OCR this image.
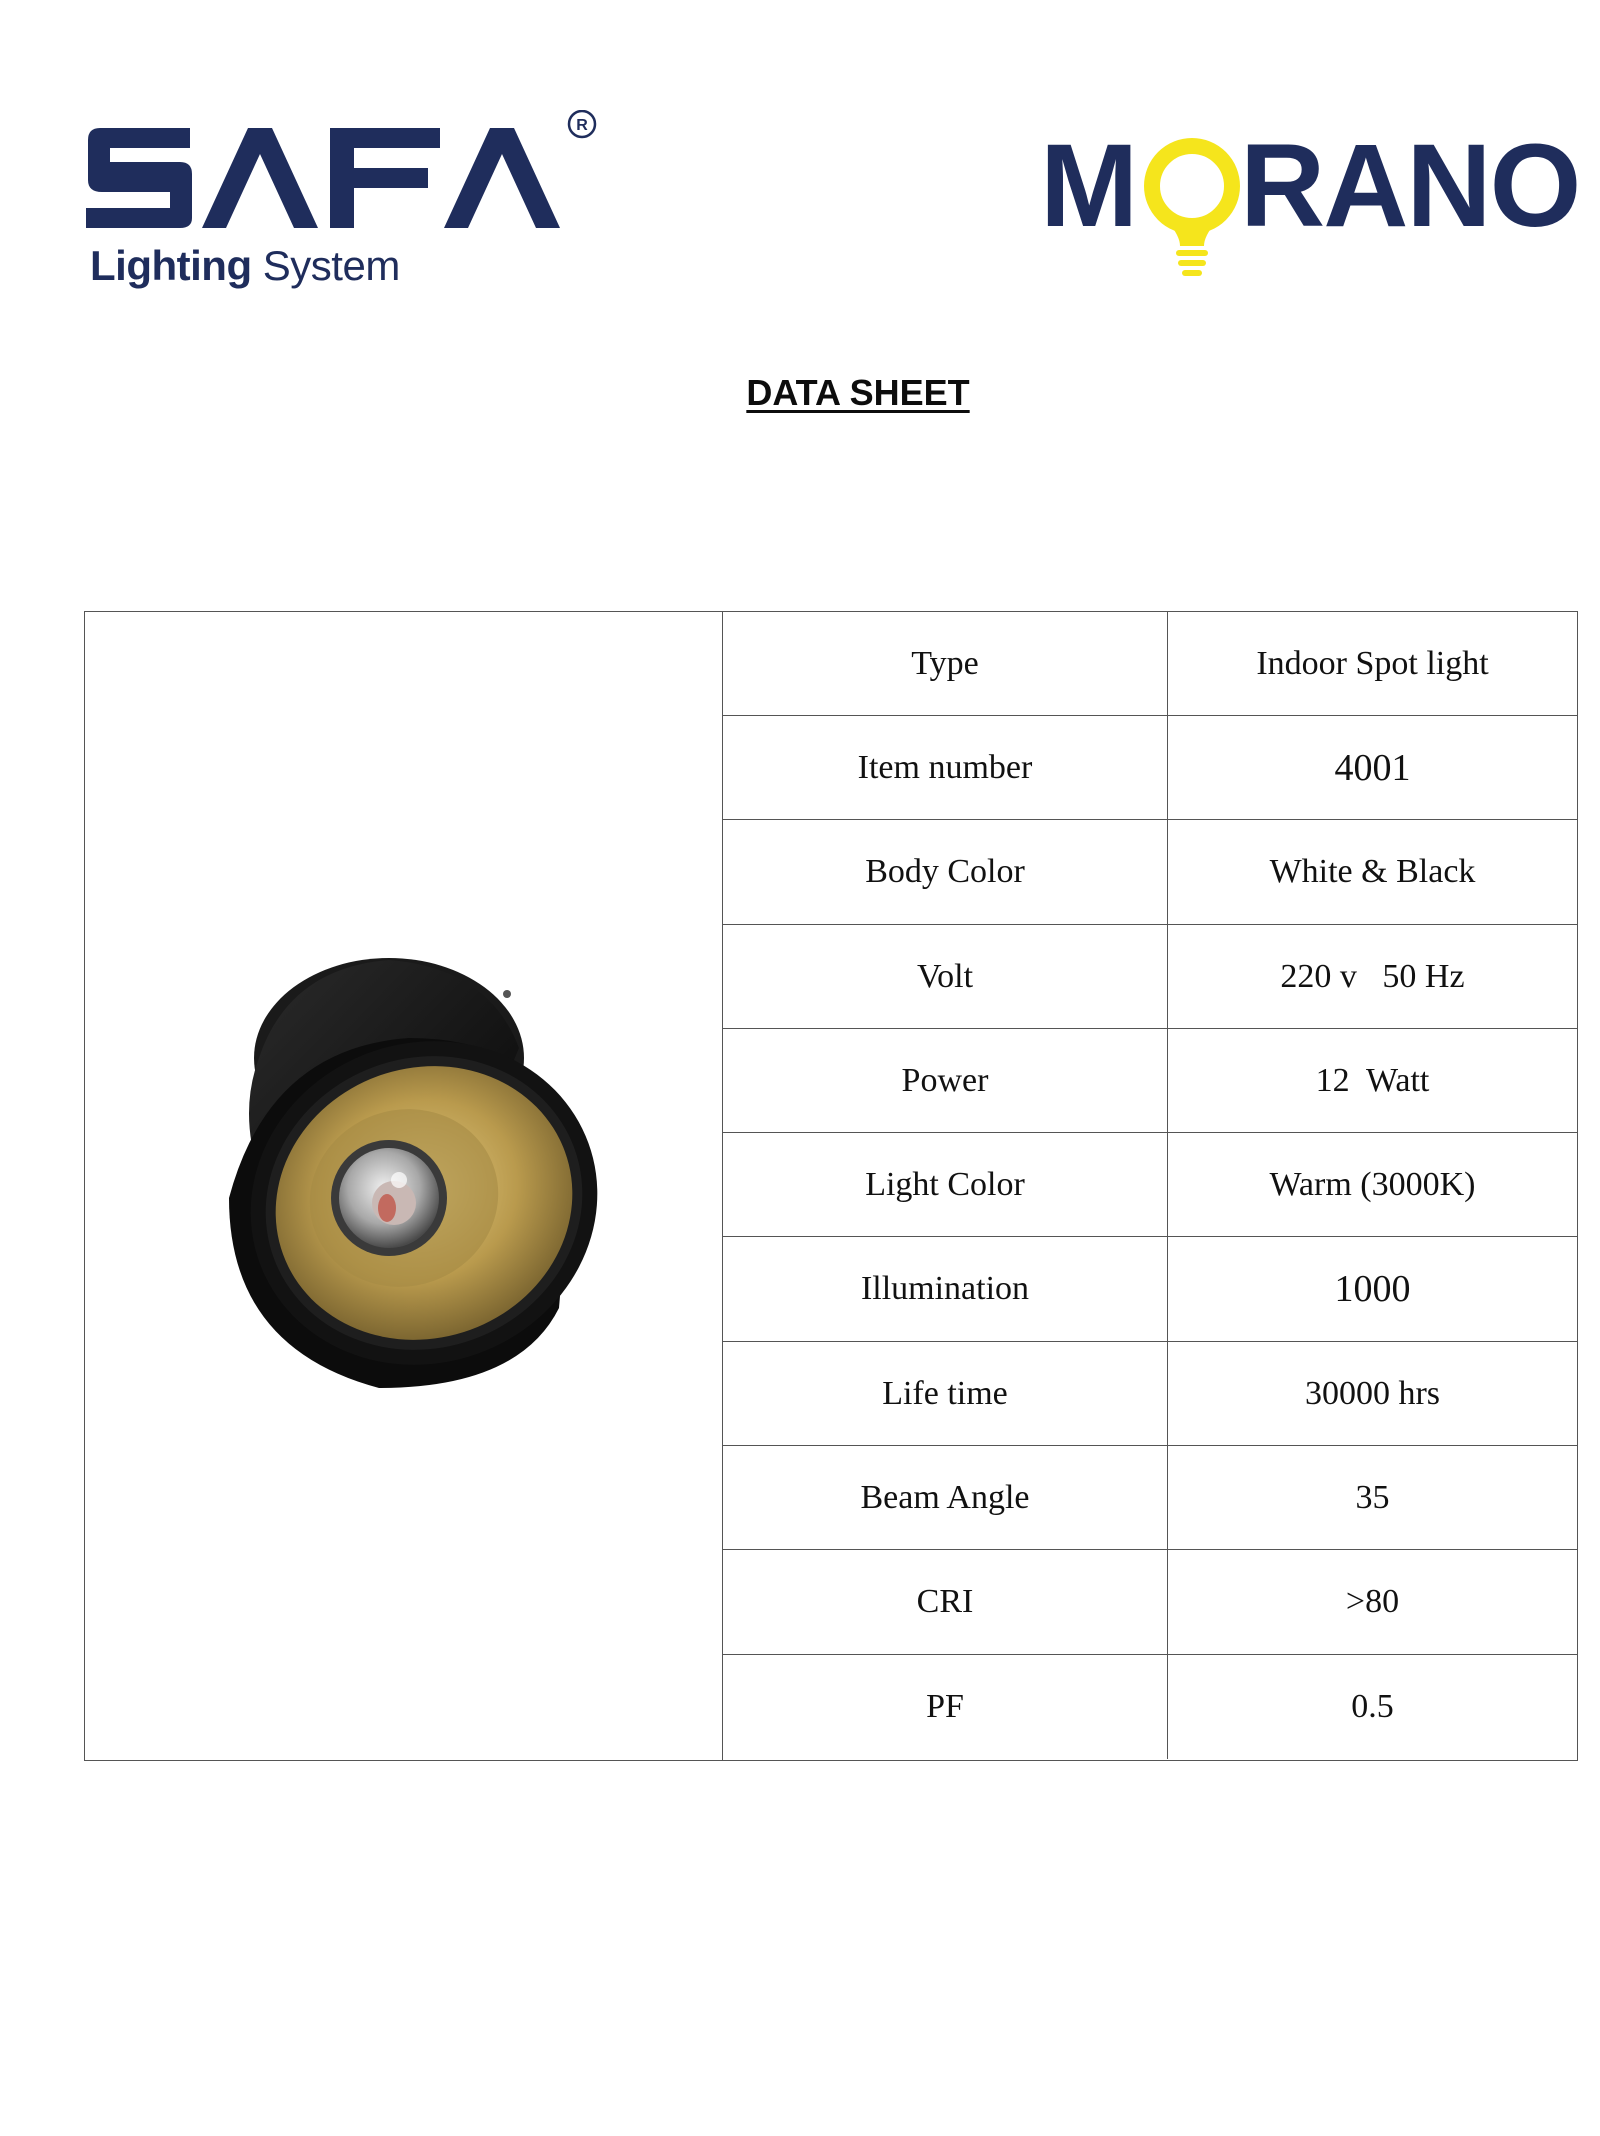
R
Lighting System
M RANO
DATA SHEET
Type	Indoor Spot light
Item number	4001
Body Color	White & Black
Volt	220 v   50 Hz
Power	12  Watt
Light Color	Warm (3000K)
Illumination	1000
Life time	30000 hrs
Beam Angle	35
CRI	>80
PF	0.5
